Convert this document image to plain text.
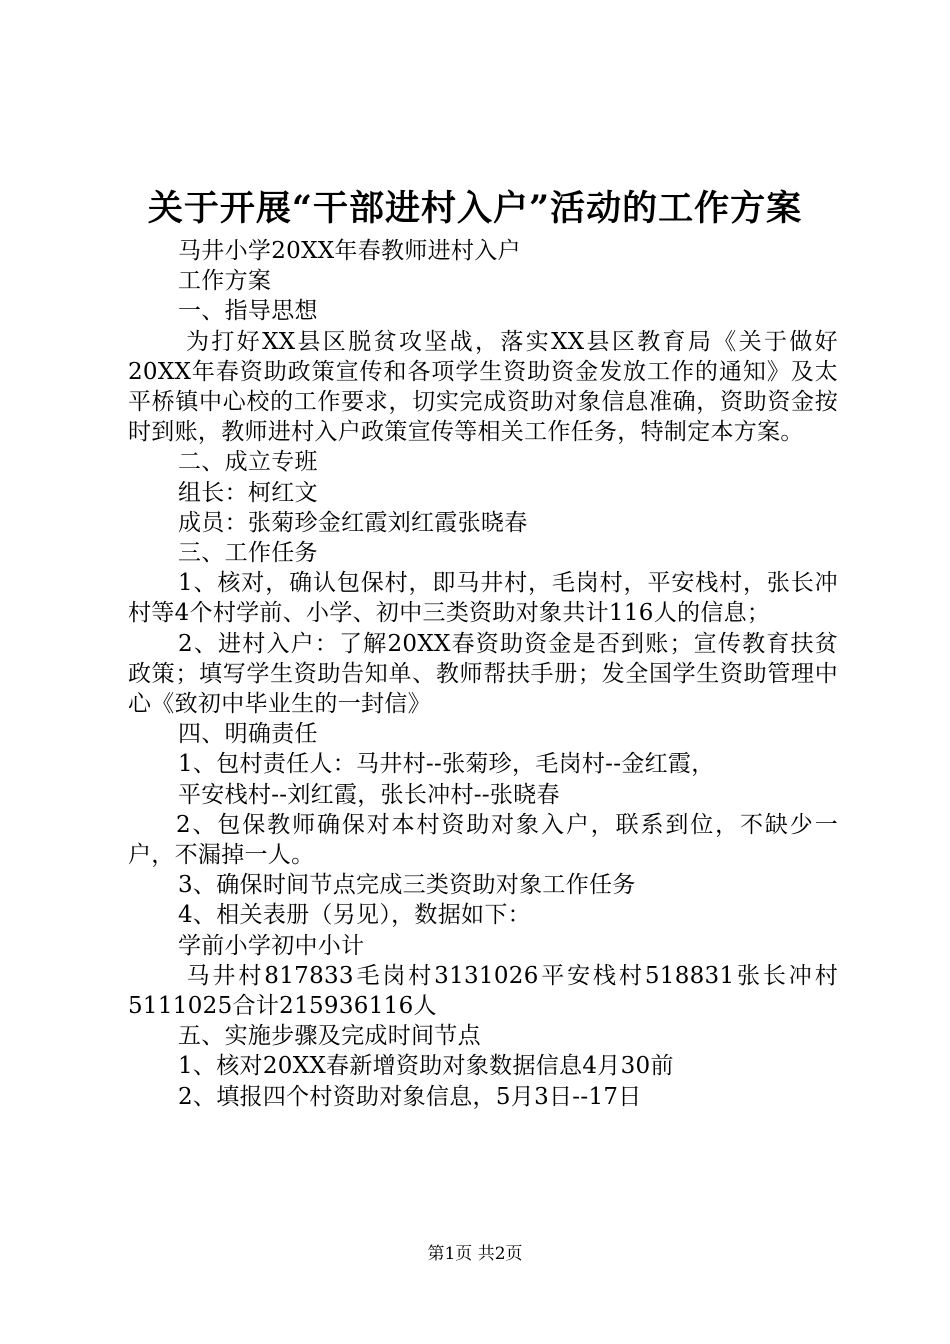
关于开展“干部进村入户”活动的工作方案
马井小学20XX年春教师进村入户
工作方案
一、指导思想
为打好XX县区脱贫攻坚战，落实XX县区教育局《关于做好20XX年春资助政策宣传和各项学生资助资金发放工作的通知》及太平桥镇中心校的工作要求，切实完成资助对象信息准确，资助资金按时到账，教师进村入户政策宣传等相关工作任务，特制定本方案。
二、成立专班
组长：柯红文
成员：张菊珍金红霞刘红霞张晓春
三、工作任务
1、核对，确认包保村，即马井村，毛岗村，平安栈村，张长冲村等4个村学前、小学、初中三类资助对象共计116人的信息；
2、进村入户：了解20XX春资助资金是否到账；宣传教育扶贫政策；填写学生资助告知单、教师帮扶手册；发全国学生资助管理中心《致初中毕业生的一封信》
四、明确责任
1、包村责任人：马井村--张菊珍，毛岗村--金红霞，
平安栈村--刘红霞，张长冲村--张晓春
2、包保教师确保对本村资助对象入户，联系到位，不缺少一户，不漏掉一人。
3、确保时间节点完成三类资助对象工作任务
4、相关表册（另见），数据如下：
学前小学初中小计
马井村817833毛岗村3131026平安栈村518831张长冲村5111025合计215936116人
五、实施步骤及完成时间节点
1、核对20XX春新增资助对象数据信息4月30前
2、填报四个村资助对象信息，5月3日--17日
第1页 共2页
